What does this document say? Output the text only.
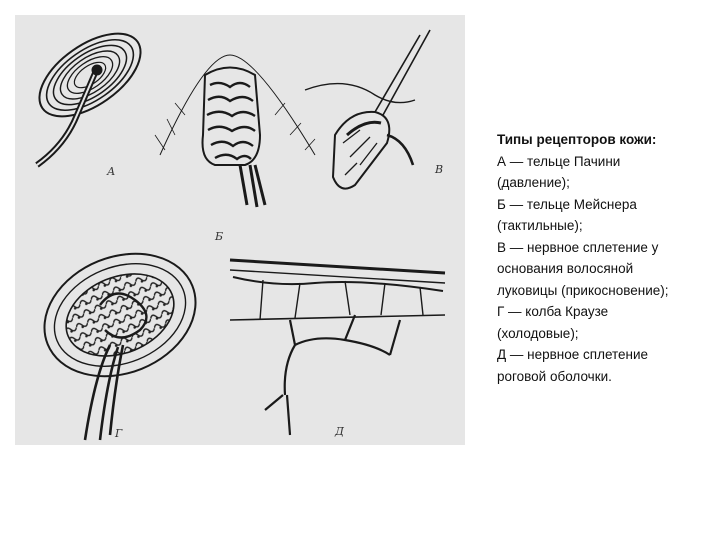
А
Б
В
Г	Д
Типы рецепторов кожи:
А — тельце Пачини
(давление);
Б — тельце Мейснера
(тактильные);
В — нервное сплетение у
основания волосяной
луковицы (прикосновение);
Г — колба Краузе
(холодовые);
Д — нервное сплетение
роговой оболочки.
